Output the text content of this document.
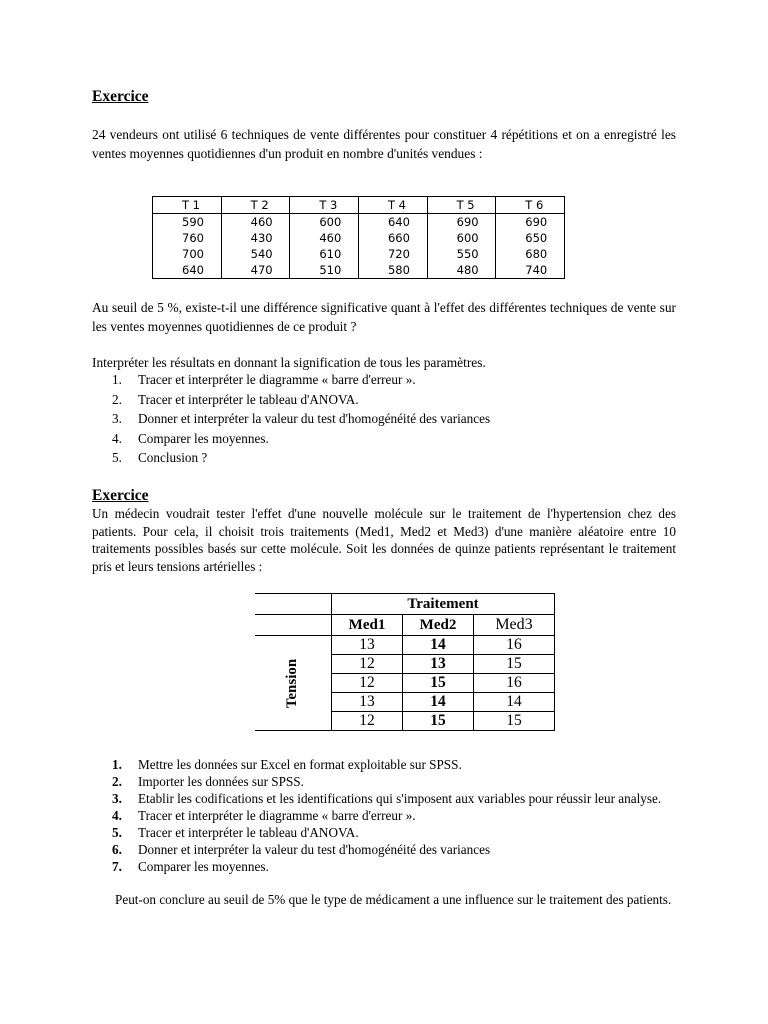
Exercice
24 vendeurs ont utilisé 6 techniques de vente différentes pour constituer 4 répétitions et on a enregistré les ventes moyennes quotidiennes d'un produit en nombre d'unités vendues :
T 1	T 2	T 3	T 4	T 5	T 6
590	460	600	640	690	690
760	430	460	660	600	650
700	540	610	720	550	680
640	470	510	580	480	740
Au seuil de 5 %, existe-t-il une différence significative quant à l'effet des différentes techniques de vente sur les ventes moyennes quotidiennes de ce produit ?
Interpréter les résultats en donnant la signification de tous les paramètres.
1. Tracer et interpréter le diagramme « barre d'erreur ».
2. Tracer et interpréter le tableau d'ANOVA.
3. Donner et interpréter la valeur du test d'homogénéité des variances
4. Comparer les moyennes.
5. Conclusion ?
Exercice
Un médecin voudrait tester l'effet d'une nouvelle molécule sur le traitement de l'hypertension chez des patients. Pour cela, il choisit trois traitements (Med1, Med2 et Med3) d'une manière aléatoire entre 10 traitements possibles basés sur cette molécule. Soit les données de quinze patients représentant le traitement pris et leurs tensions artérielles :
	Traitement		
	Med1	Med2	Med3
Tension	13	14	16
	12	13	15
	12	15	16
	13	14	14
	12	15	15
1. Mettre les données sur Excel en format exploitable sur SPSS.
2. Importer les données sur SPSS.
3. Etablir les codifications et les identifications qui s'imposent aux variables pour réussir leur analyse.
4. Tracer et interpréter le diagramme « barre d'erreur ».
5. Tracer et interpréter le tableau d'ANOVA.
6. Donner et interpréter la valeur du test d'homogénéité des variances
7. Comparer les moyennes.
Peut-on conclure au seuil de 5% que le type de médicament a une influence sur le traitement des patients.
